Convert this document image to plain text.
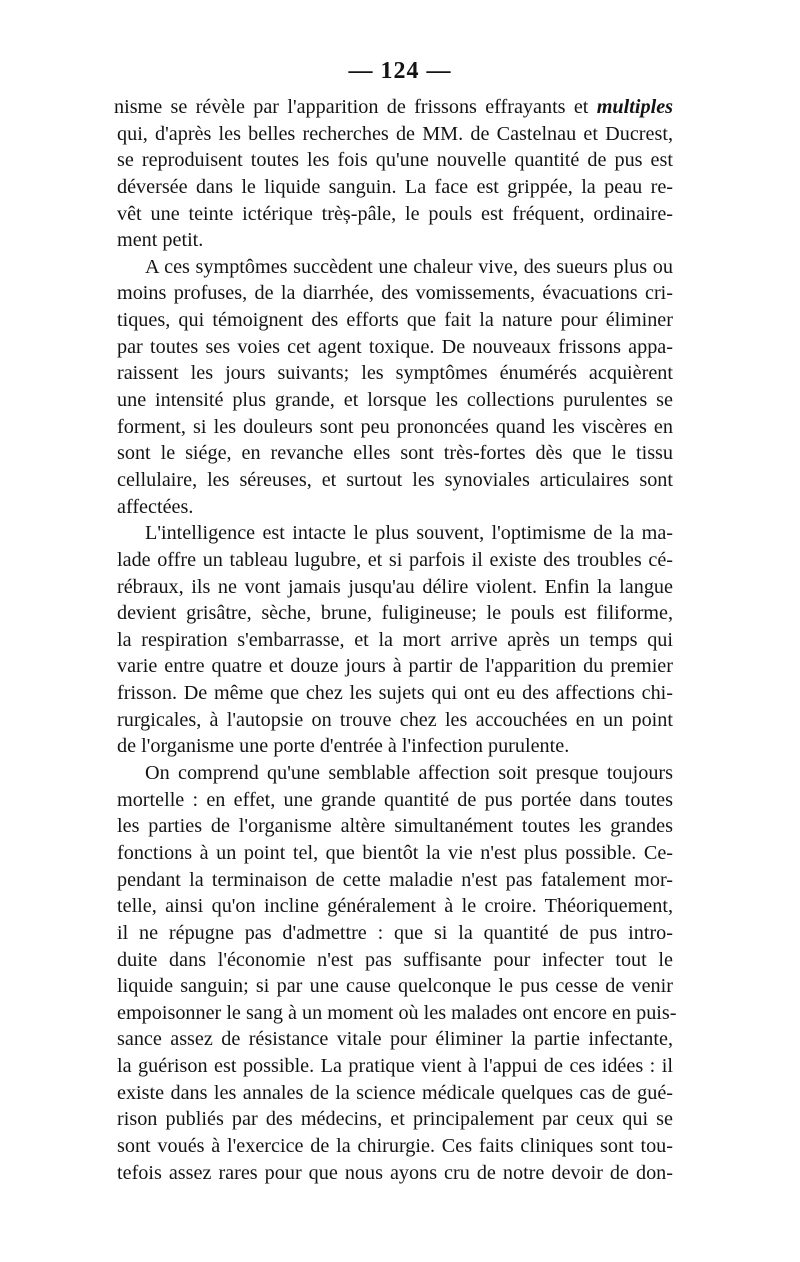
— 124 —
nisme se révèle par l'apparition de frissons effrayants et multiples
qui, d'après les belles recherches de MM. de Castelnau et Ducrest,
se reproduisent toutes les fois qu'une nouvelle quantité de pus est
déversée dans le liquide sanguin. La face est grippée, la peau re-
vêt une teinte ictérique trèș-pâle, le pouls est fréquent, ordinaire-
ment petit.
A ces symptômes succèdent une chaleur vive, des sueurs plus ou
moins profuses, de la diarrhée, des vomissements, évacuations cri-
tiques, qui témoignent des efforts que fait la nature pour éliminer
par toutes ses voies cet agent toxique. De nouveaux frissons appa-
raissent les jours suivants; les symptômes énumérés acquièrent
une intensité plus grande, et lorsque les collections purulentes se
forment, si les douleurs sont peu prononcées quand les viscères en
sont le siége, en revanche elles sont très-fortes dès que le tissu
cellulaire, les séreuses, et surtout les synoviales articulaires sont
affectées.
L'intelligence est intacte le plus souvent, l'optimisme de la ma-
lade offre un tableau lugubre, et si parfois il existe des troubles cé-
rébraux, ils ne vont jamais jusqu'au délire violent. Enfin la langue
devient grisâtre, sèche, brune, fuligineuse; le pouls est filiforme,
la respiration s'embarrasse, et la mort arrive après un temps qui
varie entre quatre et douze jours à partir de l'apparition du premier
frisson. De même que chez les sujets qui ont eu des affections chi-
rurgicales, à l'autopsie on trouve chez les accouchées en un point
de l'organisme une porte d'entrée à l'infection purulente.
On comprend qu'une semblable affection soit presque toujours
mortelle : en effet, une grande quantité de pus portée dans toutes
les parties de l'organisme altère simultanément toutes les grandes
fonctions à un point tel, que bientôt la vie n'est plus possible. Ce-
pendant la terminaison de cette maladie n'est pas fatalement mor-
telle, ainsi qu'on incline généralement à le croire. Théoriquement,
il ne répugne pas d'admettre : que si la quantité de pus intro-
duite dans l'économie n'est pas suffisante pour infecter tout le
liquide sanguin; si par une cause quelconque le pus cesse de venir
empoisonner le sang à un moment où les malades ont encore en puis-
sance assez de résistance vitale pour éliminer la partie infectante,
la guérison est possible. La pratique vient à l'appui de ces idées : il
existe dans les annales de la science médicale quelques cas de gué-
rison publiés par des médecins, et principalement par ceux qui se
sont voués à l'exercice de la chirurgie. Ces faits cliniques sont tou-
tefois assez rares pour que nous ayons cru de notre devoir de don-
